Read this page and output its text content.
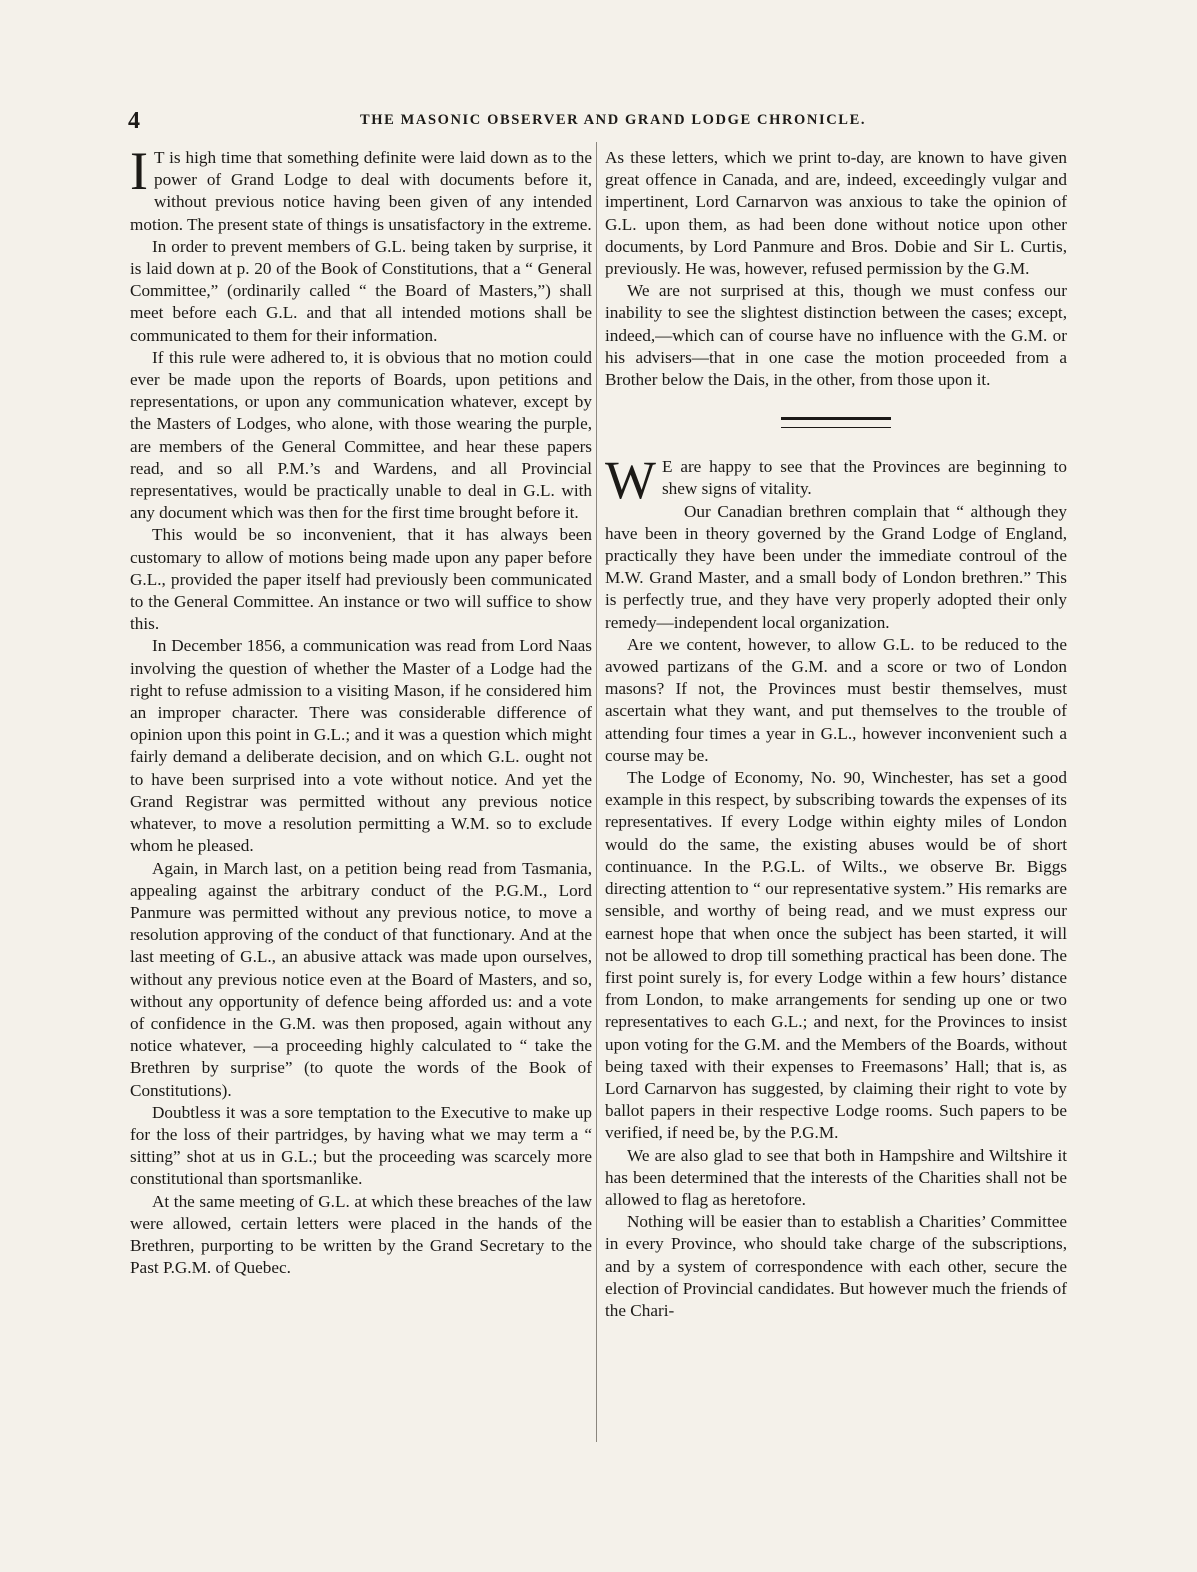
4	THE MASONIC OBSERVER AND GRAND LODGE CHRONICLE.

I T is high time that something definite were laid down as to the power of Grand Lodge to deal with documents before it, without previous notice having been given of any intended motion. The present state of things is unsatisfactory in the extreme.

In order to prevent members of G.L. being taken by surprise, it is laid down at p. 20 of the Book of Constitutions, that a “ General Committee,” (ordinarily called “ the Board of Masters,”) shall meet before each G.L. and that all intended motions shall be communicated to them for their information.

If this rule were adhered to, it is obvious that no motion could ever be made upon the reports of Boards, upon petitions and representations, or upon any communication whatever, except by the Masters of Lodges, who alone, with those wearing the purple, are members of the General Committee, and hear these papers read, and so all P.M.’s and Wardens, and all Provincial representatives, would be practically unable to deal in G.L. with any document which was then for the first time brought before it.

This would be so inconvenient, that it has always been customary to allow of motions being made upon any paper before G.L., provided the paper itself had previously been communicated to the General Committee. An instance or two will suffice to show this.

In December 1856, a communication was read from Lord Naas involving the question of whether the Master of a Lodge had the right to refuse admission to a visiting Mason, if he considered him an improper character. There was considerable difference of opinion upon this point in G.L.; and it was a question which might fairly demand a deliberate decision, and on which G.L. ought not to have been surprised into a vote without notice. And yet the Grand Registrar was permitted without any previous notice whatever, to move a resolution permitting a W.M. so to exclude whom he pleased.

Again, in March last, on a petition being read from Tasmania, appealing against the arbitrary conduct of the P.G.M., Lord Panmure was permitted without any previous notice, to move a resolution approving of the conduct of that functionary. And at the last meeting of G.L., an abusive attack was made upon ourselves, without any previous notice even at the Board of Masters, and so, without any opportunity of defence being afforded us: and a vote of confidence in the G.M. was then proposed, again without any notice whatever, —a proceeding highly calculated to “ take the Brethren by surprise” (to quote the words of the Book of Constitutions).

Doubtless it was a sore temptation to the Executive to make up for the loss of their partridges, by having what we may term a “ sitting” shot at us in G.L.; but the proceeding was scarcely more constitutional than sportsmanlike.

At the same meeting of G.L. at which these breaches of the law were allowed, certain letters were placed in the hands of the Brethren, purporting to be written by the Grand Secretary to the Past P.G.M. of Quebec.

As these letters, which we print to-day, are known to have given great offence in Canada, and are, indeed, exceedingly vulgar and impertinent, Lord Carnarvon was anxious to take the opinion of G.L. upon them, as had been done without notice upon other documents, by Lord Panmure and Bros. Dobie and Sir L. Curtis, previously. He was, however, refused permission by the G.M.

We are not surprised at this, though we must confess our inability to see the slightest distinction between the cases; except, indeed,—which can of course have no influence with the G.M. or his advisers—that in one case the motion proceeded from a Brother below the Dais, in the other, from those upon it.

W E are happy to see that the Provinces are beginning to shew signs of vitality.

Our Canadian brethren complain that “ although they have been in theory governed by the Grand Lodge of England, practically they have been under the immediate controul of the M.W. Grand Master, and a small body of London brethren.” This is perfectly true, and they have very properly adopted their only remedy—independent local organization.

Are we content, however, to allow G.L. to be reduced to the avowed partizans of the G.M. and a score or two of London masons? If not, the Provinces must bestir themselves, must ascertain what they want, and put themselves to the trouble of attending four times a year in G.L., however inconvenient such a course may be.

The Lodge of Economy, No. 90, Winchester, has set a good example in this respect, by subscribing towards the expenses of its representatives. If every Lodge within eighty miles of London would do the same, the existing abuses would be of short continuance. In the P.G.L. of Wilts., we observe Br. Biggs directing attention to “ our representative system.” His remarks are sensible, and worthy of being read, and we must express our earnest hope that when once the subject has been started, it will not be allowed to drop till something practical has been done. The first point surely is, for every Lodge within a few hours’ distance from London, to make arrangements for sending up one or two representatives to each G.L.; and next, for the Provinces to insist upon voting for the G.M. and the Members of the Boards, without being taxed with their expenses to Freemasons’ Hall; that is, as Lord Carnarvon has suggested, by claiming their right to vote by ballot papers in their respective Lodge rooms. Such papers to be verified, if need be, by the P.G.M.

We are also glad to see that both in Hampshire and Wiltshire it has been determined that the interests of the Charities shall not be allowed to flag as heretofore.

Nothing will be easier than to establish a Charities’ Committee in every Province, who should take charge of the subscriptions, and by a system of correspondence with each other, secure the election of Provincial candidates. But however much the friends of the Chari-
